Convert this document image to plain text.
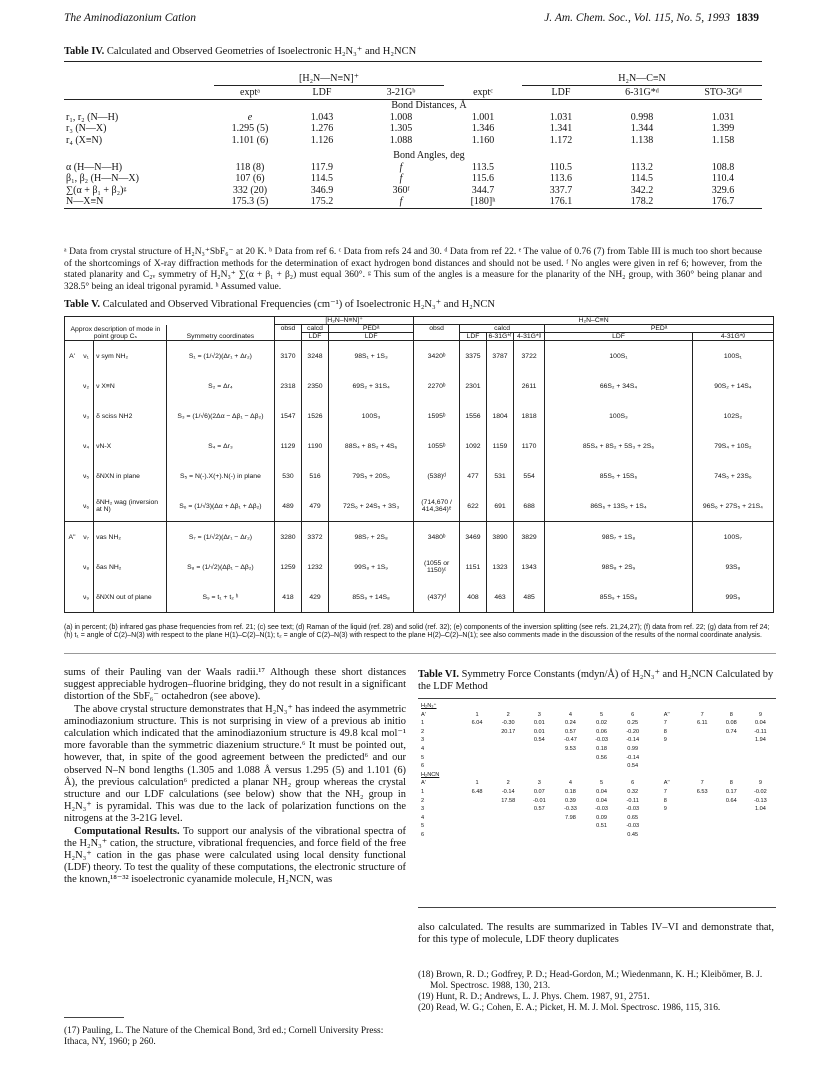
The Aminodiazonium Cation	J. Am. Chem. Soc., Vol. 115, No. 5, 1993 1839
Table IV. Calculated and Observed Geometries of Isoelectronic H₂N₃⁺ and H₂NCN
	[H₂N—N≡N]⁺				H₂N—C≡N		
	exptᵃ	LDF	3-21Gᵇ	exptᶜ	LDF	6-31G*ᵈ	STO-3Gᵈ
	Bond Distances, Å						
r₁, r₂ (N—H)	e	1.043	1.008	1.001	1.031	0.998	1.031
r₃ (N—X)	1.295 (5)	1.276	1.305	1.346	1.341	1.344	1.399
r₄ (X≡N)	1.101 (6)	1.126	1.088	1.160	1.172	1.138	1.158
	Bond Angles, deg						
α (H—N—H)	118 (8)	117.9	f	113.5	110.5	113.2	108.8
β₁, β₂ (H—N—X)	107 (6)	114.5	f	115.6	113.6	114.5	110.4
∑(α + β₁ + β₂)ᵍ	332 (20)	346.9	360ᶠ	344.7	337.7	342.2	329.6
N—X≡N	175.3 (5)	175.2	f	[180]ʰ	176.1	178.2	176.7
ᵃ Data from crystal structure of H₂N₃⁺SbF₆⁻ at 20 K. ᵇ Data from ref 6. ᶜ Data from refs 24 and 30. ᵈ Data from ref 22. ᵉ The value of 0.76 (7) from Table III is much too short because of the shortcomings of X-ray diffraction methods for the determination of exact hydrogen bond distances and should not be used. ᶠ No angles were given in ref 6; however, from the stated planarity and C₂ᵥ symmetry of H₂N₃⁺ ∑(α + β₁ + β₂) must equal 360°. ᵍ This sum of the angles is a measure for the planarity of the NH₂ group, with 360° being planar and 328.5° being an ideal trigonal pyramid. ʰ Assumed value.
Table V. Calculated and Observed Vibrational Frequencies (cm⁻¹) of Isoelectronic H₂N₃⁺ and H₂NCN
				[H₂N–N≡N]⁺			H₂N–C≡N					
Approx description of mode in point group Cₛ			Symmetry coordinates	obsd	calcd	PEDᵃ	obsd	calcd			PEDᵃ	
					LDF	LDF		LDF	6-31G*ᶠ	4-31G*ᵍ	LDF	4-31G*ᵍ
A'	ν₁	ν sym NH₂	S₁ = (1/√2)(Δr₁ + Δr₂)	3170	3248	98S₁ + 1S₃	3420ᵇ	3375	3787	3722	100S₁	100S₁
	ν₂	ν X≡N	S₂ = Δr₄	2318	2350	69S₂ + 31S₄	2270ᵇ	2301		2611	66S₂ + 34S₄	90S₂ + 14S₄
	ν₃	δ sciss NH2	S₃ = (1/√6)(2Δα − Δβ₁ − Δβ₂)	1547	1526	100S₃	1595ᵇ	1556	1804	1818	100S₃	102S₂
	ν₄	νN-X	S₄ = Δr₃	1129	1190	88S₄ + 8S₂ + 4S₆	1055ᵇ	1092	1159	1170	85S₄ + 8S₂ + 5S₃ + 2S₆	79S₄ + 10S₂
	ν₅	δNXN in plane	S₅ = N(-).X(+).N(-) in plane	530	516	79S₅ + 20S₆	(538)ᵈ	477	531	554	85S₅ + 15S₆	74S₅ + 23S₆
	ν₆	δNH₂ wag (inversion at N)	S₆ = (1/√3)(Δα + Δβ₁ + Δβ₂)	489	479	72S₆ + 24S₅ + 3S₃	(714,670 / 414,364)ᵉ	622	691	688	86S₆ + 13S₅ + 1S₄	96S₆ + 27S₅ + 21S₄
A''	ν₇	vas NH₂	S₇ = (1/√2)(Δr₁ − Δr₂)	3280	3372	98S₇ + 2S₈	3480ᵇ	3469	3890	3829	98S₇ + 1S₈	100S₇
	ν₈	δas NH₂	S₈ = (1/√2)(Δβ₁ − Δβ₂)	1259	1232	99S₈ + 1S₉	(1055 or 1150)ᶜ	1151	1323	1343	98S₈ + 2S₉	93S₈
	ν₉	δNXN out of plane	S₉ = t₁ + t₂ ʰ	418	429	85S₉ + 14S₈	(437)ᵈ	408	463	485	85S₉ + 15S₈	99S₉
(a) in percent; (b) infrared gas phase frequencies from ref. 21; (c) see text; (d) Raman of the liquid (ref. 28) and solid (ref. 32); (e) components of the inversion splitting (see refs. 21,24,27); (f) data from ref. 22; (g) data from ref 24; (h) t₁ = angle of C(2)–N(3) with respect to the plane H(1)–C(2)–N(1); t₂ = angle of C(2)–N(3) with respect to the plane H(2)–C(2)–N(1); see also comments made in the discussion of the results of the normal coordinate analysis.

sums of their Pauling van der Waals radii.¹⁷ Although these short distances suggest appreciable hydrogen–fluorine bridging, they do not result in a significant distortion of the SbF₆⁻ octahedron (see above).

The above crystal structure demonstrates that H₂N₃⁺ has indeed the asymmetric aminodiazonium structure. This is not surprising in view of a previous ab initio calculation which indicated that the aminodiazonium structure is 49.8 kcal mol⁻¹ more favorable than the symmetric diazenium structure.⁶ It must be pointed out, however, that, in spite of the good agreement between the predicted⁶ and our observed N–N bond lengths (1.305 and 1.088 Å versus 1.295 (5) and 1.101 (6) Å), the previous calculation⁶ predicted a planar NH₂ group whereas the crystal structure and our LDF calculations (see below) show that the NH₂ group in H₂N₃⁺ is pyramidal. This was due to the lack of polarization functions on the nitrogens at the 3-21G level.

Computational Results. To support our analysis of the vibrational spectra of the H₂N₃⁺ cation, the structure, vibrational frequencies, and force field of the free H₂N₃⁺ cation in the gas phase were calculated using local density functional (LDF) theory. To test the quality of these computations, the electronic structure of the known,¹⁸⁻³² isoelectronic cyanamide molecule, H₂NCN, was

(17) Pauling, L. The Nature of the Chemical Bond, 3rd ed.; Cornell University Press: Ithaca, NY, 1960; p 260.
Table VI. Symmetry Force Constants (mdyn/Å) of H₂N₃⁺ and H₂NCN Calculated by the LDF Method
H₂N₃⁺												
A'		1	2	3	4	5	6		A''	7	8	9
1		6.04	-0.30	0.01	0.24	0.02	0.25		7	6.11	0.08	0.04
2			20.17	0.01	0.57	0.06	-0.20		8		0.74	-0.11
3				0.54	-0.47	-0.03	-0.14		9			1.94
4					9.53	0.18	0.99					
5						0.56	-0.14					
6							0.54					
H₂NCN												
A'		1	2	3	4	5	6		A''	7	8	9
1		6.48	-0.14	0.07	0.18	0.04	0.32		7	6.53	0.17	-0.02
2			17.58	-0.01	0.39	0.04	-0.11		8		0.64	-0.13
3				0.57	-0.33	-0.03	-0.03		9			1.04
4					7.98	0.09	0.65					
5						0.51	-0.03					
6							0.45					
also calculated. The results are summarized in Tables IV–VI and demonstrate that, for this type of molecule, LDF theory duplicates
(18) Brown, R. D.; Godfrey, P. D.; Head-Gordon, M.; Wiedenmann, K. H.; Kleibömer, B. J. Mol. Spectrosc. 1988, 130, 213.
(19) Hunt, R. D.; Andrews, L. J. Phys. Chem. 1987, 91, 2751.
(20) Read, W. G.; Cohen, E. A.; Picket, H. M. J. Mol. Spectrosc. 1986, 115, 316.
